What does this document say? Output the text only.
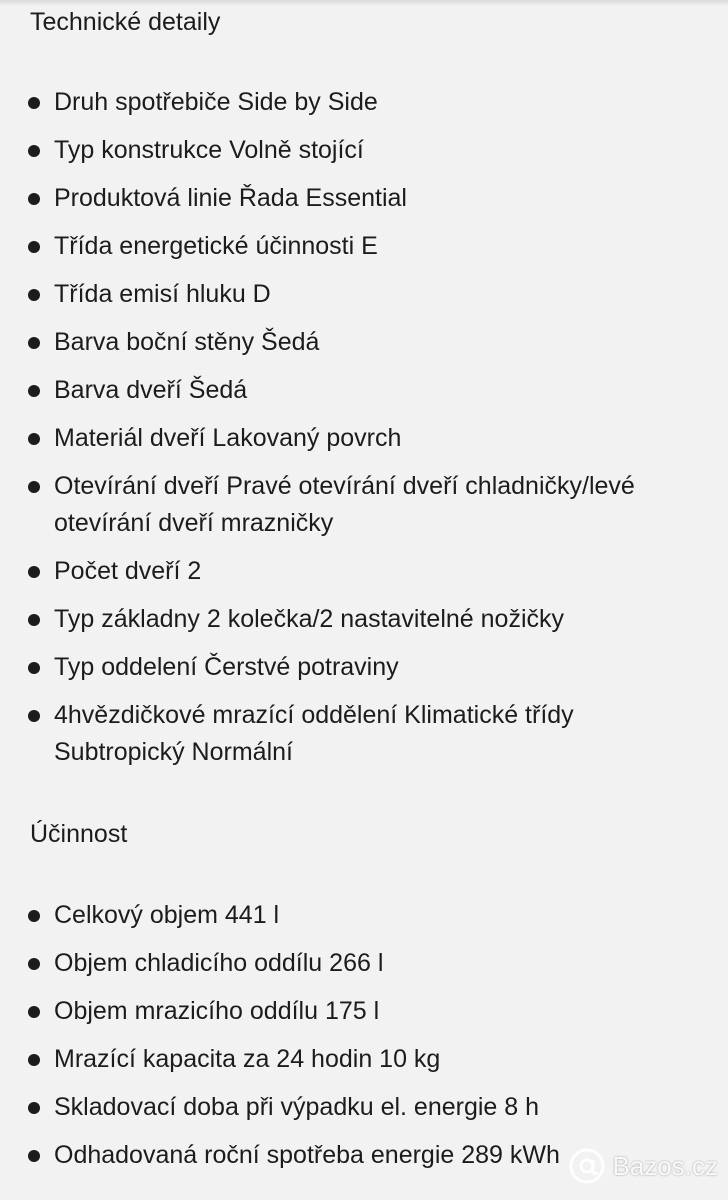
Technické detaily
Druh spotřebiče Side by Side
Typ konstrukce Volně stojící
Produktová linie Řada Essential
Třída energetické účinnosti E
Třída emisí hluku D
Barva boční stěny Šedá
Barva dveří Šedá
Materiál dveří Lakovaný povrch
Otevírání dveří Pravé otevírání dveří chladničky/levé otevírání dveří mrazničky
Počet dveří 2
Typ základny 2 kolečka/2 nastavitelné nožičky
Typ oddelení Čerstvé potraviny
4hvězdičkové mrazící oddělení Klimatické třídy Subtropický Normální
Účinnost
Celkový objem 441 l
Objem chladicího oddílu 266 l
Objem mrazicího oddílu 175 l
Mrazící kapacita za 24 hodin 10 kg
Skladovací doba při výpadku el. energie 8 h
Odhadovaná roční spotřeba energie 289 kWh	Bazos.cz
